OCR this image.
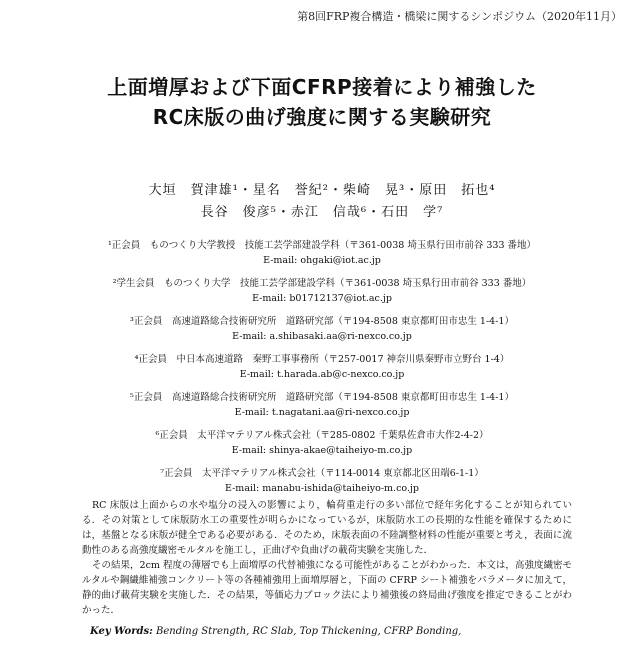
第8回FRP複合構造・橋梁に関するシンポジウム（2020年11月）
上面増厚および下面CFRP接着により補強した
RC床版の曲げ強度に関する実験研究
大垣　賀津雄¹・星名　誉紀²・柴崎　晃³・原田　拓也⁴
長谷　俊彦⁵・赤江　信哉⁶・石田　学⁷
¹正会員　ものつくり大学教授　技能工芸学部建設学科（〒361-0038 埼玉県行田市前谷 333 番地）
E-mail: ohgaki@iot.ac.jp
²学生会員　ものつくり大学　技能工芸学部建設学科（〒361-0038 埼玉県行田市前谷 333 番地）
E-mail: b01712137@iot.ac.jp
³正会員　高速道路総合技術研究所　道路研究部（〒194-8508 東京都町田市忠生 1-4-1）
E-mail: a.shibasaki.aa@ri-nexco.co.jp
⁴正会員　中日本高速道路　秦野工事事務所（〒257-0017 神奈川県秦野市立野台 1-4）
E-mail: t.harada.ab@c-nexco.co.jp
⁵正会員　高速道路総合技術研究所　道路研究部（〒194-8508 東京都町田市忠生 1-4-1）
E-mail: t.nagatani.aa@ri-nexco.co.jp
⁶正会員　太平洋マテリアル株式会社（〒285-0802 千葉県佐倉市大作2-4-2）
E-mail: shinya-akae@taiheiyo-m.co.jp
⁷正会員　太平洋マテリアル株式会社（〒114-0014 東京都北区田端6-1-1）
E-mail: manabu-ishida@taiheiyo-m.co.jp

RC 床版は上面からの水や塩分の浸入の影響により，輪荷重走行の多い部位で経年劣化することが知られている．その対策として床版防水工の重要性が明らかになっているが，床版防水工の長期的な性能を確保するためには，基盤となる床版が健全である必要がある．そのため，床版表面の不陸調整材料の性能が重要と考え，表面に流動性のある高強度繊密モルタルを施工し，正曲げや負曲げの載荷実験を実施した．

その結果，2cm 程度の薄層でも上面増厚の代替補強になる可能性があることがわかった．本文は，高強度繊密モルタルや鋼繊維補強コンクリート等の各種補強用上面増厚層と，下面の CFRP シート補強をパラメータに加えて，静的曲げ載荷実験を実施した．その結果，等価応力ブロック法により補強後の終局曲げ強度を推定できることがわかった．

Key Words: Bending Strength, RC Slab, Top Thickening, CFRP Bonding,
